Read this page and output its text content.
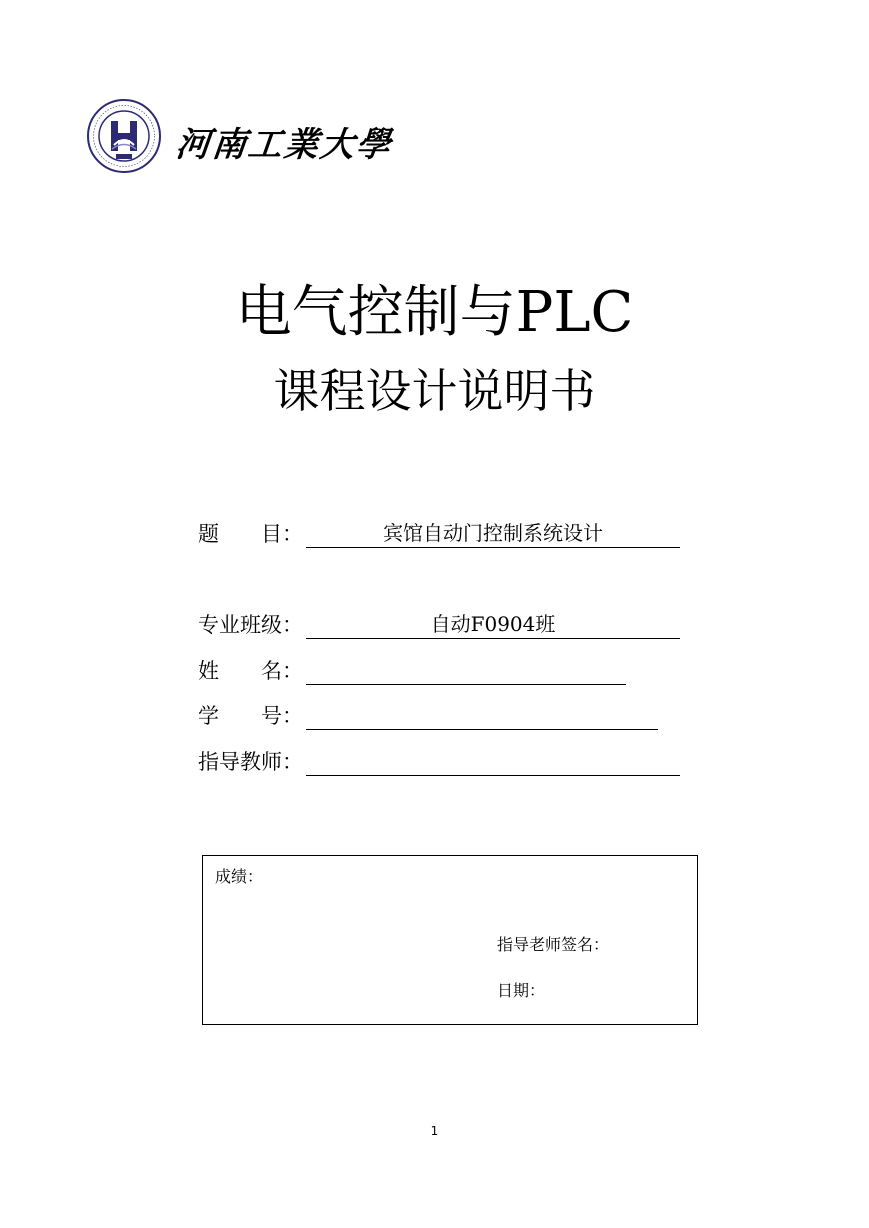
河南工業大學
电气控制与PLC
课程设计说明书
题　　目：	宾馆自动门控制系统设计
专业班级：	自动F0904班
姓　　名：
学　　号：
指导教师：
成绩：
指导老师签名：
日期：
1
